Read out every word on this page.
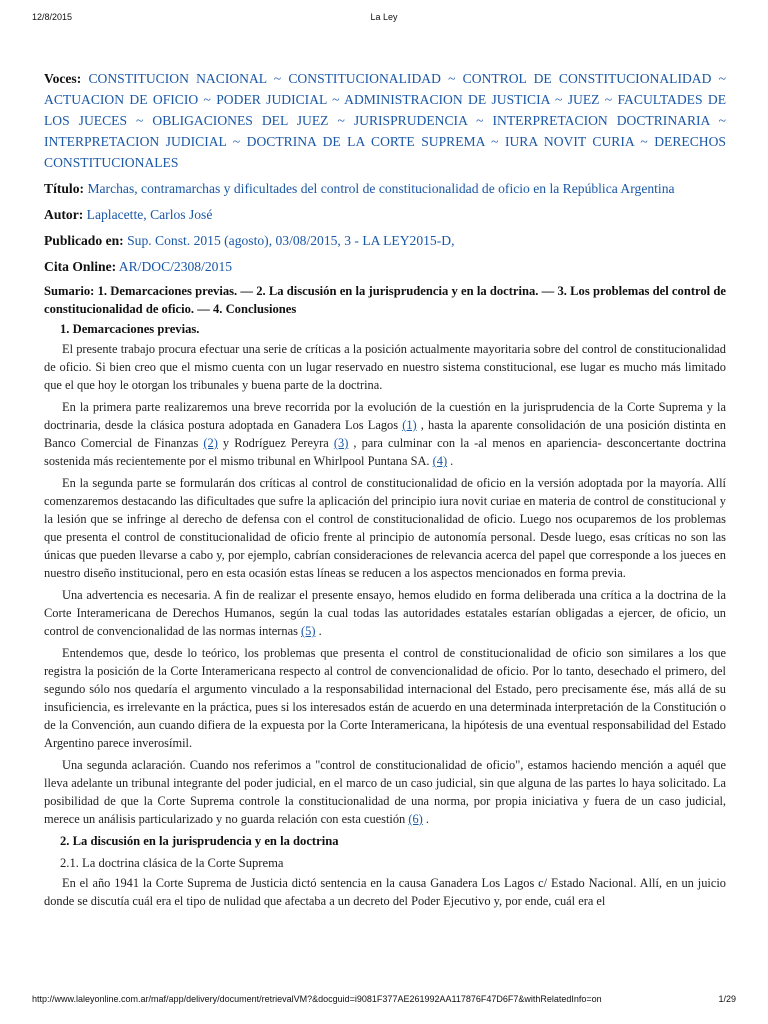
12/8/2015	La Ley
Voces: CONSTITUCION NACIONAL ~ CONSTITUCIONALIDAD ~ CONTROL DE CONSTITUCIONALIDAD ~ ACTUACION DE OFICIO ~ PODER JUDICIAL ~ ADMINISTRACION DE JUSTICIA ~ JUEZ ~ FACULTADES DE LOS JUECES ~ OBLIGACIONES DEL JUEZ ~ JURISPRUDENCIA ~ INTERPRETACION DOCTRINARIA ~ INTERPRETACION JUDICIAL ~ DOCTRINA DE LA CORTE SUPREMA ~ IURA NOVIT CURIA ~ DERECHOS CONSTITUCIONALES
Título: Marchas, contramarchas y dificultades del control de constitucionalidad de oficio en la República Argentina
Autor: Laplacette, Carlos José
Publicado en: Sup. Const. 2015 (agosto), 03/08/2015, 3 - LA LEY2015-D,
Cita Online: AR/DOC/2308/2015
Sumario: 1. Demarcaciones previas. — 2. La discusión en la jurisprudencia y en la doctrina. — 3. Los problemas del control de constitucionalidad de oficio. — 4. Conclusiones
1. Demarcaciones previas.

El presente trabajo procura efectuar una serie de críticas a la posición actualmente mayoritaria sobre del control de constitucionalidad de oficio. Si bien creo que el mismo cuenta con un lugar reservado en nuestro sistema constitucional, ese lugar es mucho más limitado que el que hoy le otorgan los tribunales y buena parte de la doctrina.

En la primera parte realizaremos una breve recorrida por la evolución de la cuestión en la jurisprudencia de la Corte Suprema y la doctrinaria, desde la clásica postura adoptada en Ganadera Los Lagos (1) , hasta la aparente consolidación de una posición distinta en Banco Comercial de Finanzas (2) y Rodríguez Pereyra (3) , para culminar con la -al menos en apariencia- desconcertante doctrina sostenida más recientemente por el mismo tribunal en Whirlpool Puntana SA. (4) .

En la segunda parte se formularán dos críticas al control de constitucionalidad de oficio en la versión adoptada por la mayoría. Allí comenzaremos destacando las dificultades que sufre la aplicación del principio iura novit curiae en materia de control de constitucional y la lesión que se infringe al derecho de defensa con el control de constitucionalidad de oficio. Luego nos ocuparemos de los problemas que presenta el control de constitucionalidad de oficio frente al principio de autonomía personal. Desde luego, esas críticas no son las únicas que pueden llevarse a cabo y, por ejemplo, cabrían consideraciones de relevancia acerca del papel que corresponde a los jueces en nuestro diseño institucional, pero en esta ocasión estas líneas se reducen a los aspectos mencionados en forma previa.

Una advertencia es necesaria. A fin de realizar el presente ensayo, hemos eludido en forma deliberada una crítica a la doctrina de la Corte Interamericana de Derechos Humanos, según la cual todas las autoridades estatales estarían obligadas a ejercer, de oficio, un control de convencionalidad de las normas internas (5) .

Entendemos que, desde lo teórico, los problemas que presenta el control de constitucionalidad de oficio son similares a los que registra la posición de la Corte Interamericana respecto al control de convencionalidad de oficio. Por lo tanto, desechado el primero, del segundo sólo nos quedaría el argumento vinculado a la responsabilidad internacional del Estado, pero precisamente ése, más allá de su insuficiencia, es irrelevante en la práctica, pues si los interesados están de acuerdo en una determinada interpretación de la Constitución o de la Convención, aun cuando difiera de la expuesta por la Corte Interamericana, la hipótesis de una eventual responsabilidad del Estado Argentino parece inverosímil.

Una segunda aclaración. Cuando nos referimos a "control de constitucionalidad de oficio", estamos haciendo mención a aquél que lleva adelante un tribunal integrante del poder judicial, en el marco de un caso judicial, sin que alguna de las partes lo haya solicitado. La posibilidad de que la Corte Suprema controle la constitucionalidad de una norma, por propia iniciativa y fuera de un caso judicial, merece un análisis particularizado y no guarda relación con esta cuestión (6) .

2. La discusión en la jurisprudencia y en la doctrina
2.1. La doctrina clásica de la Corte Suprema

En el año 1941 la Corte Suprema de Justicia dictó sentencia en la causa Ganadera Los Lagos c/ Estado Nacional. Allí, en un juicio donde se discutía cuál era el tipo de nulidad que afectaba a un decreto del Poder Ejecutivo y, por ende, cuál era el

http://www.laleyonline.com.ar/maf/app/delivery/document/retrievalVM?&docguid=i9081F377AE261992AA117876F47D6F7&withRelatedInfo=on	1/29
